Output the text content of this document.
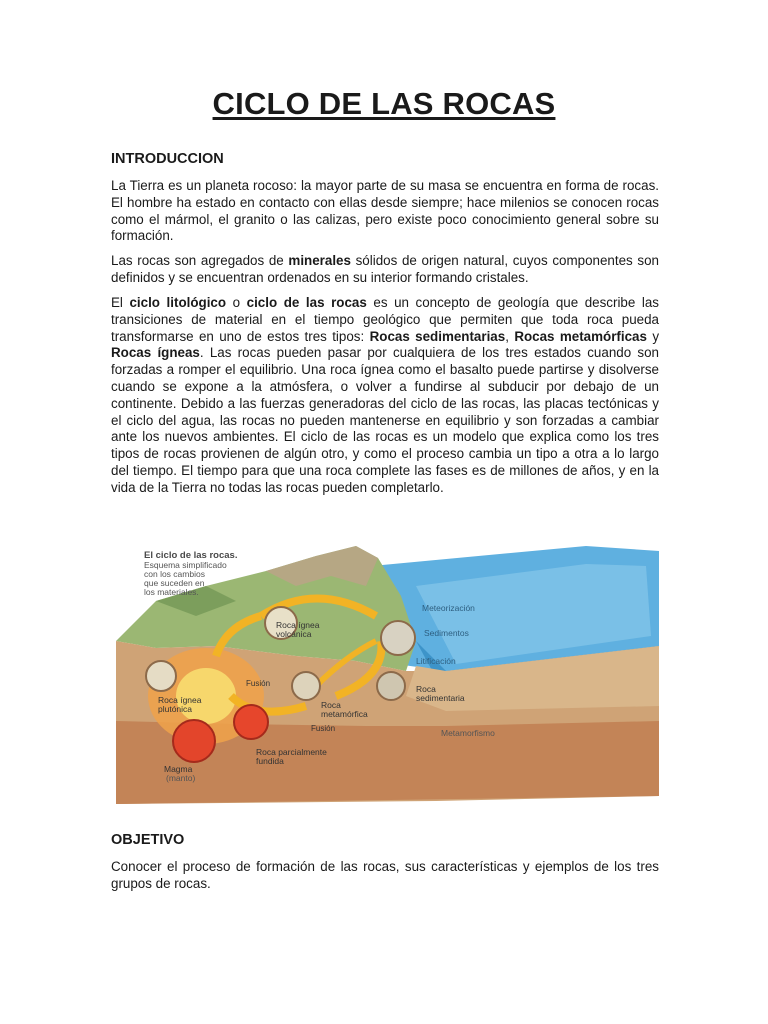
CICLO DE LAS ROCAS
INTRODUCCION

La Tierra es un planeta rocoso: la mayor parte de su masa se encuentra en forma de rocas. El hombre ha estado en contacto con ellas desde siempre; hace milenios se conocen rocas como el mármol, el granito o las calizas, pero existe poco conocimiento general sobre su formación.

Las rocas son agregados de minerales sólidos de origen natural, cuyos componentes son definidos y se encuentran ordenados en su interior formando cristales.

El ciclo litológico o ciclo de las rocas es un concepto de geología que describe las transiciones de material en el tiempo geológico que permiten que toda roca pueda transformarse en uno de estos tres tipos: Rocas sedimentarias, Rocas metamórficas y Rocas ígneas. Las rocas pueden pasar por cualquiera de los tres estados cuando son forzadas a romper el equilibrio. Una roca ígnea como el basalto puede partirse y disolverse cuando se expone a la atmósfera, o volver a fundirse al subducir por debajo de un continente. Debido a las fuerzas generadoras del ciclo de las rocas, las placas tectónicas y el ciclo del agua, las rocas no pueden mantenerse en equilibrio y son forzadas a cambiar ante los nuevos ambientes. El ciclo de las rocas es un modelo que explica como los tres tipos de rocas provienen de algún otro, y como el proceso cambia un tipo a otra a lo largo del tiempo. El tiempo para que una roca complete las fases es de millones de años, y en la vida de la Tierra no todas las rocas pueden completarlo.

El ciclo de las rocas.
Esquema simplificado
con los cambios
que suceden en
los materiales.
Meteorización
Sedimentos
Litificación
Roca ígnea
volcánica
Roca
sedimentaria
Roca
metamórfica
Metamorfismo
Fusión
Fusión
Roca ígnea
plutónica
Roca parcialmente
fundida
Magma
(manto)
OBJETIVO

Conocer el proceso de formación de las rocas, sus características y ejemplos de los tres grupos de rocas.
